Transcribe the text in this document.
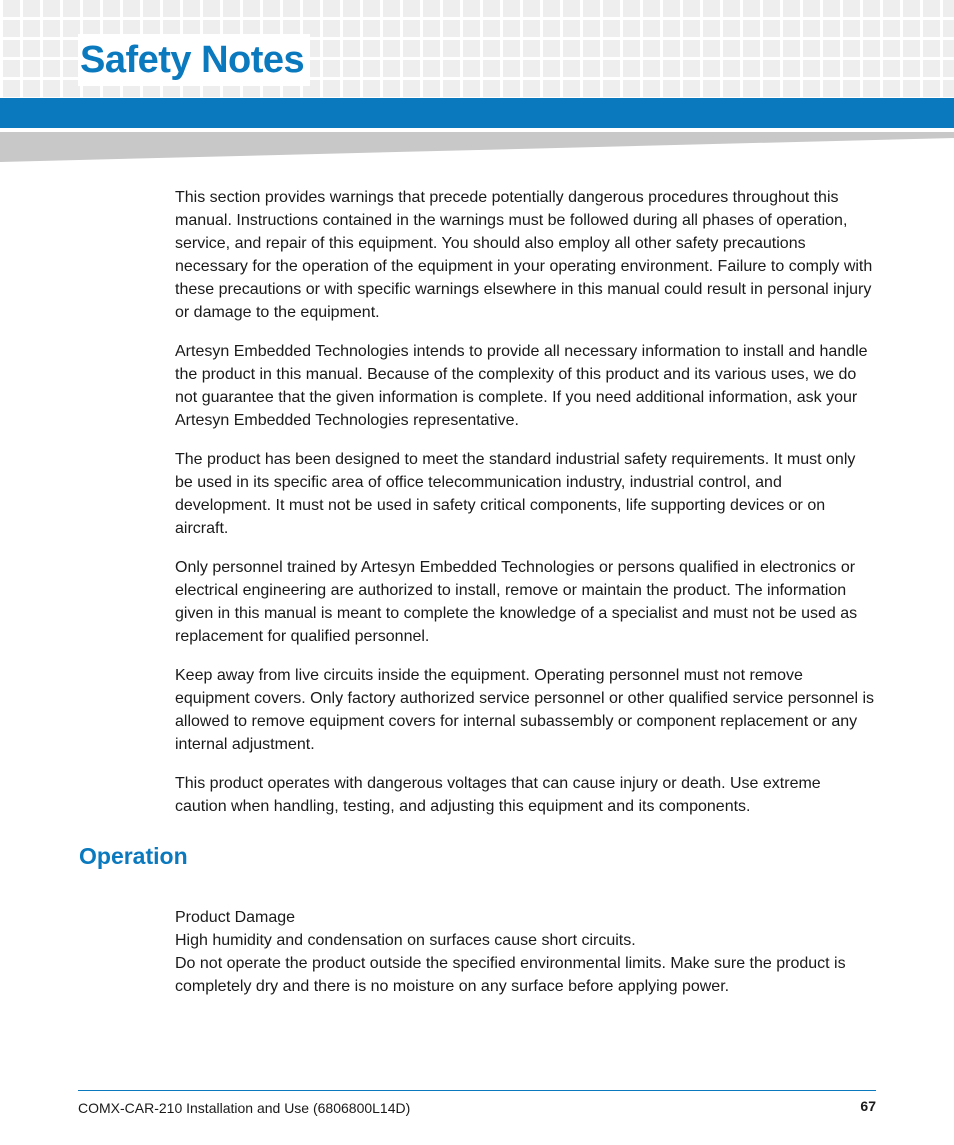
Safety Notes

This section provides warnings that precede potentially dangerous procedures throughout this manual. Instructions contained in the warnings must be followed during all phases of operation, service, and repair of this equipment. You should also employ all other safety precautions necessary for the operation of the equipment in your operating environment. Failure to comply with these precautions or with specific warnings elsewhere in this manual could result in personal injury or damage to the equipment.

Artesyn Embedded Technologies intends to provide all necessary information to install and handle the product in this manual. Because of the complexity of this product and its various uses, we do not guarantee that the given information is complete. If you need additional information, ask your Artesyn Embedded Technologies representative.

The product has been designed to meet the standard industrial safety requirements. It must only be used in its specific area of office telecommunication industry, industrial control, and development. It must not be used in safety critical components, life supporting devices or on aircraft.

Only personnel trained by Artesyn Embedded Technologies or persons qualified in electronics or electrical engineering are authorized to install, remove or maintain the product. The information given in this manual is meant to complete the knowledge of a specialist and must not be used as replacement for qualified personnel.

Keep away from live circuits inside the equipment. Operating personnel must not remove equipment covers. Only factory authorized service personnel or other qualified service personnel is allowed to remove equipment covers for internal subassembly or component replacement or any internal adjustment.

This product operates with dangerous voltages that can cause injury or death. Use extreme caution when handling, testing, and adjusting this equipment and its components.

Operation
Product Damage
High humidity and condensation on surfaces cause short circuits.
Do not operate the product outside the specified environmental limits. Make sure the product is completely dry and there is no moisture on any surface before applying power.
COMX-CAR-210 Installation and Use (6806800L14D)	67
